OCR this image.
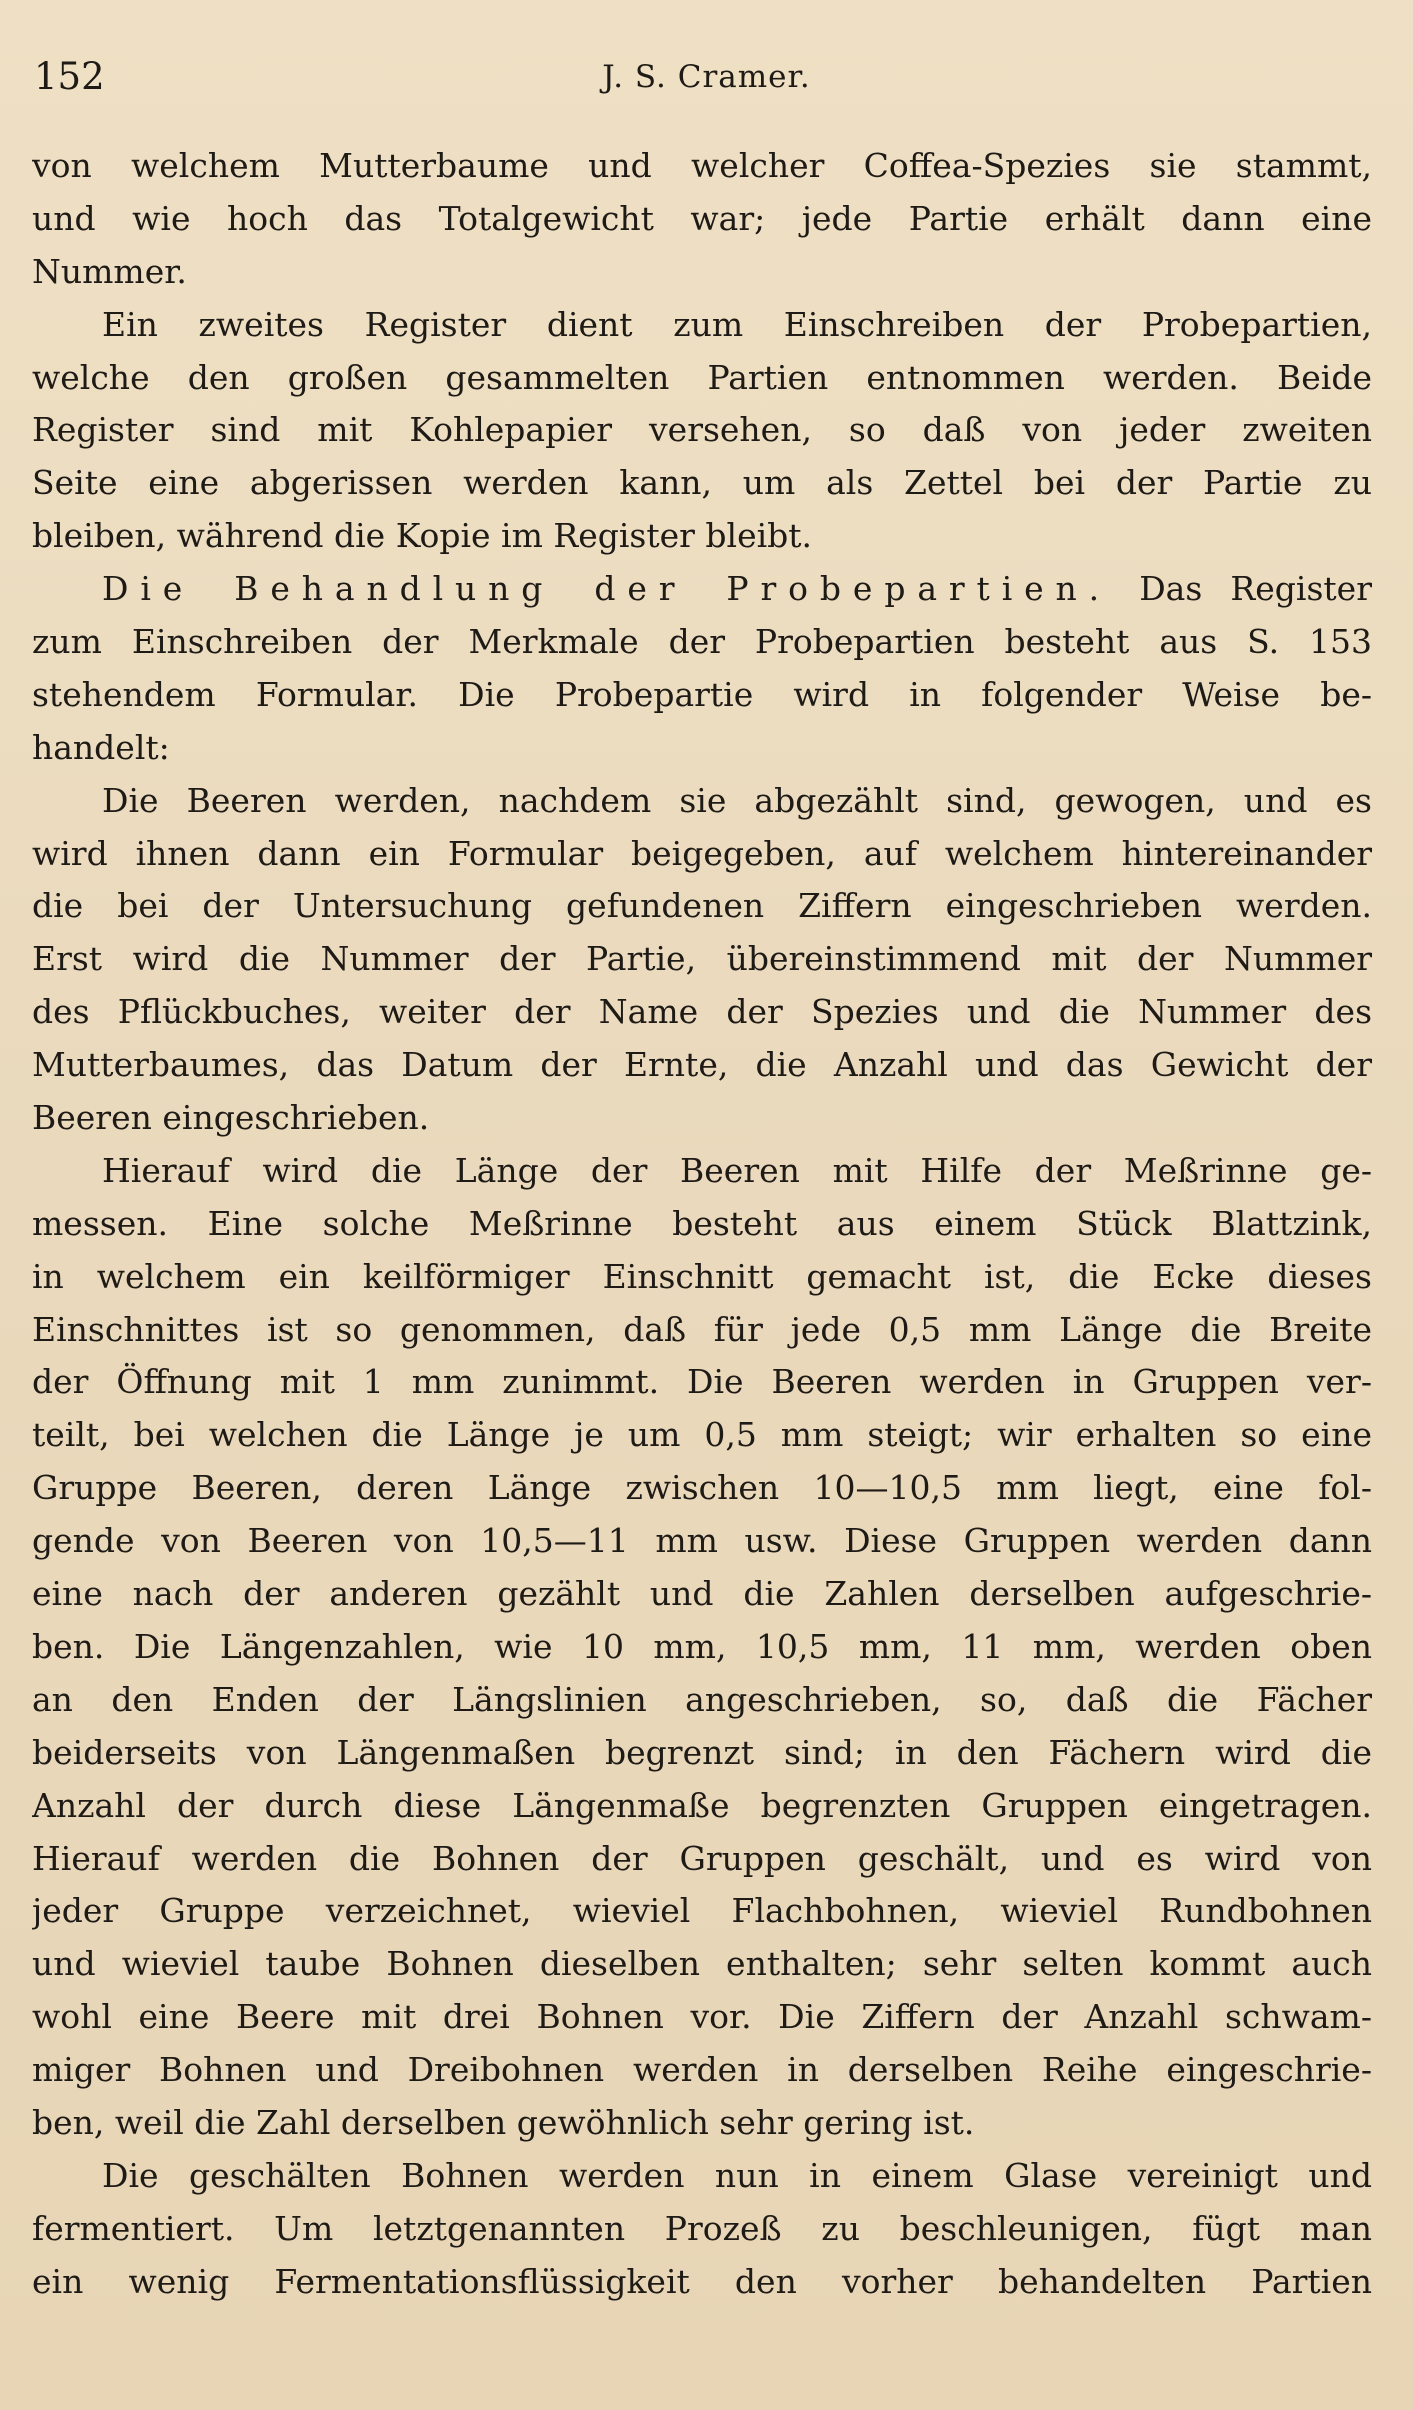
152	J. S. Cramer.
von welchem Mutterbaume und welcher Coffea-Spezies sie stammt,
und wie hoch das Totalgewicht war; jede Partie erhält dann eine
Nummer.
Ein zweites Register dient zum Einschreiben der Probepartien,
welche den großen gesammelten Partien entnommen werden. Beide
Register sind mit Kohlepapier versehen, so daß von jeder zweiten
Seite eine abgerissen werden kann, um als Zettel bei der Partie zu
bleiben, während die Kopie im Register bleibt.
Die Behandlung der Probepartien. Das Register
zum Einschreiben der Merkmale der Probepartien besteht aus S. 153
stehendem Formular. Die Probepartie wird in folgender Weise be-
handelt:
Die Beeren werden, nachdem sie abgezählt sind, gewogen, und es
wird ihnen dann ein Formular beigegeben, auf welchem hintereinander
die bei der Untersuchung gefundenen Ziffern eingeschrieben werden.
Erst wird die Nummer der Partie, übereinstimmend mit der Nummer
des Pflückbuches, weiter der Name der Spezies und die Nummer des
Mutterbaumes, das Datum der Ernte, die Anzahl und das Gewicht der
Beeren eingeschrieben.
Hierauf wird die Länge der Beeren mit Hilfe der Meßrinne ge-
messen. Eine solche Meßrinne besteht aus einem Stück Blattzink,
in welchem ein keilförmiger Einschnitt gemacht ist, die Ecke dieses
Einschnittes ist so genommen, daß für jede 0,5 mm Länge die Breite
der Öffnung mit 1 mm zunimmt. Die Beeren werden in Gruppen ver-
teilt, bei welchen die Länge je um 0,5 mm steigt; wir erhalten so eine
Gruppe Beeren, deren Länge zwischen 10—10,5 mm liegt, eine fol-
gende von Beeren von 10,5—11 mm usw. Diese Gruppen werden dann
eine nach der anderen gezählt und die Zahlen derselben aufgeschrie-
ben. Die Längenzahlen, wie 10 mm, 10,5 mm, 11 mm, werden oben
an den Enden der Längslinien angeschrieben, so, daß die Fächer
beiderseits von Längenmaßen begrenzt sind; in den Fächern wird die
Anzahl der durch diese Längenmaße begrenzten Gruppen eingetragen.
Hierauf werden die Bohnen der Gruppen geschält, und es wird von
jeder Gruppe verzeichnet, wieviel Flachbohnen, wieviel Rundbohnen
und wieviel taube Bohnen dieselben enthalten; sehr selten kommt auch
wohl eine Beere mit drei Bohnen vor. Die Ziffern der Anzahl schwam-
miger Bohnen und Dreibohnen werden in derselben Reihe eingeschrie-
ben, weil die Zahl derselben gewöhnlich sehr gering ist.
Die geschälten Bohnen werden nun in einem Glase vereinigt und
fermentiert. Um letztgenannten Prozeß zu beschleunigen, fügt man
ein wenig Fermentationsflüssigkeit den vorher behandelten Partien
